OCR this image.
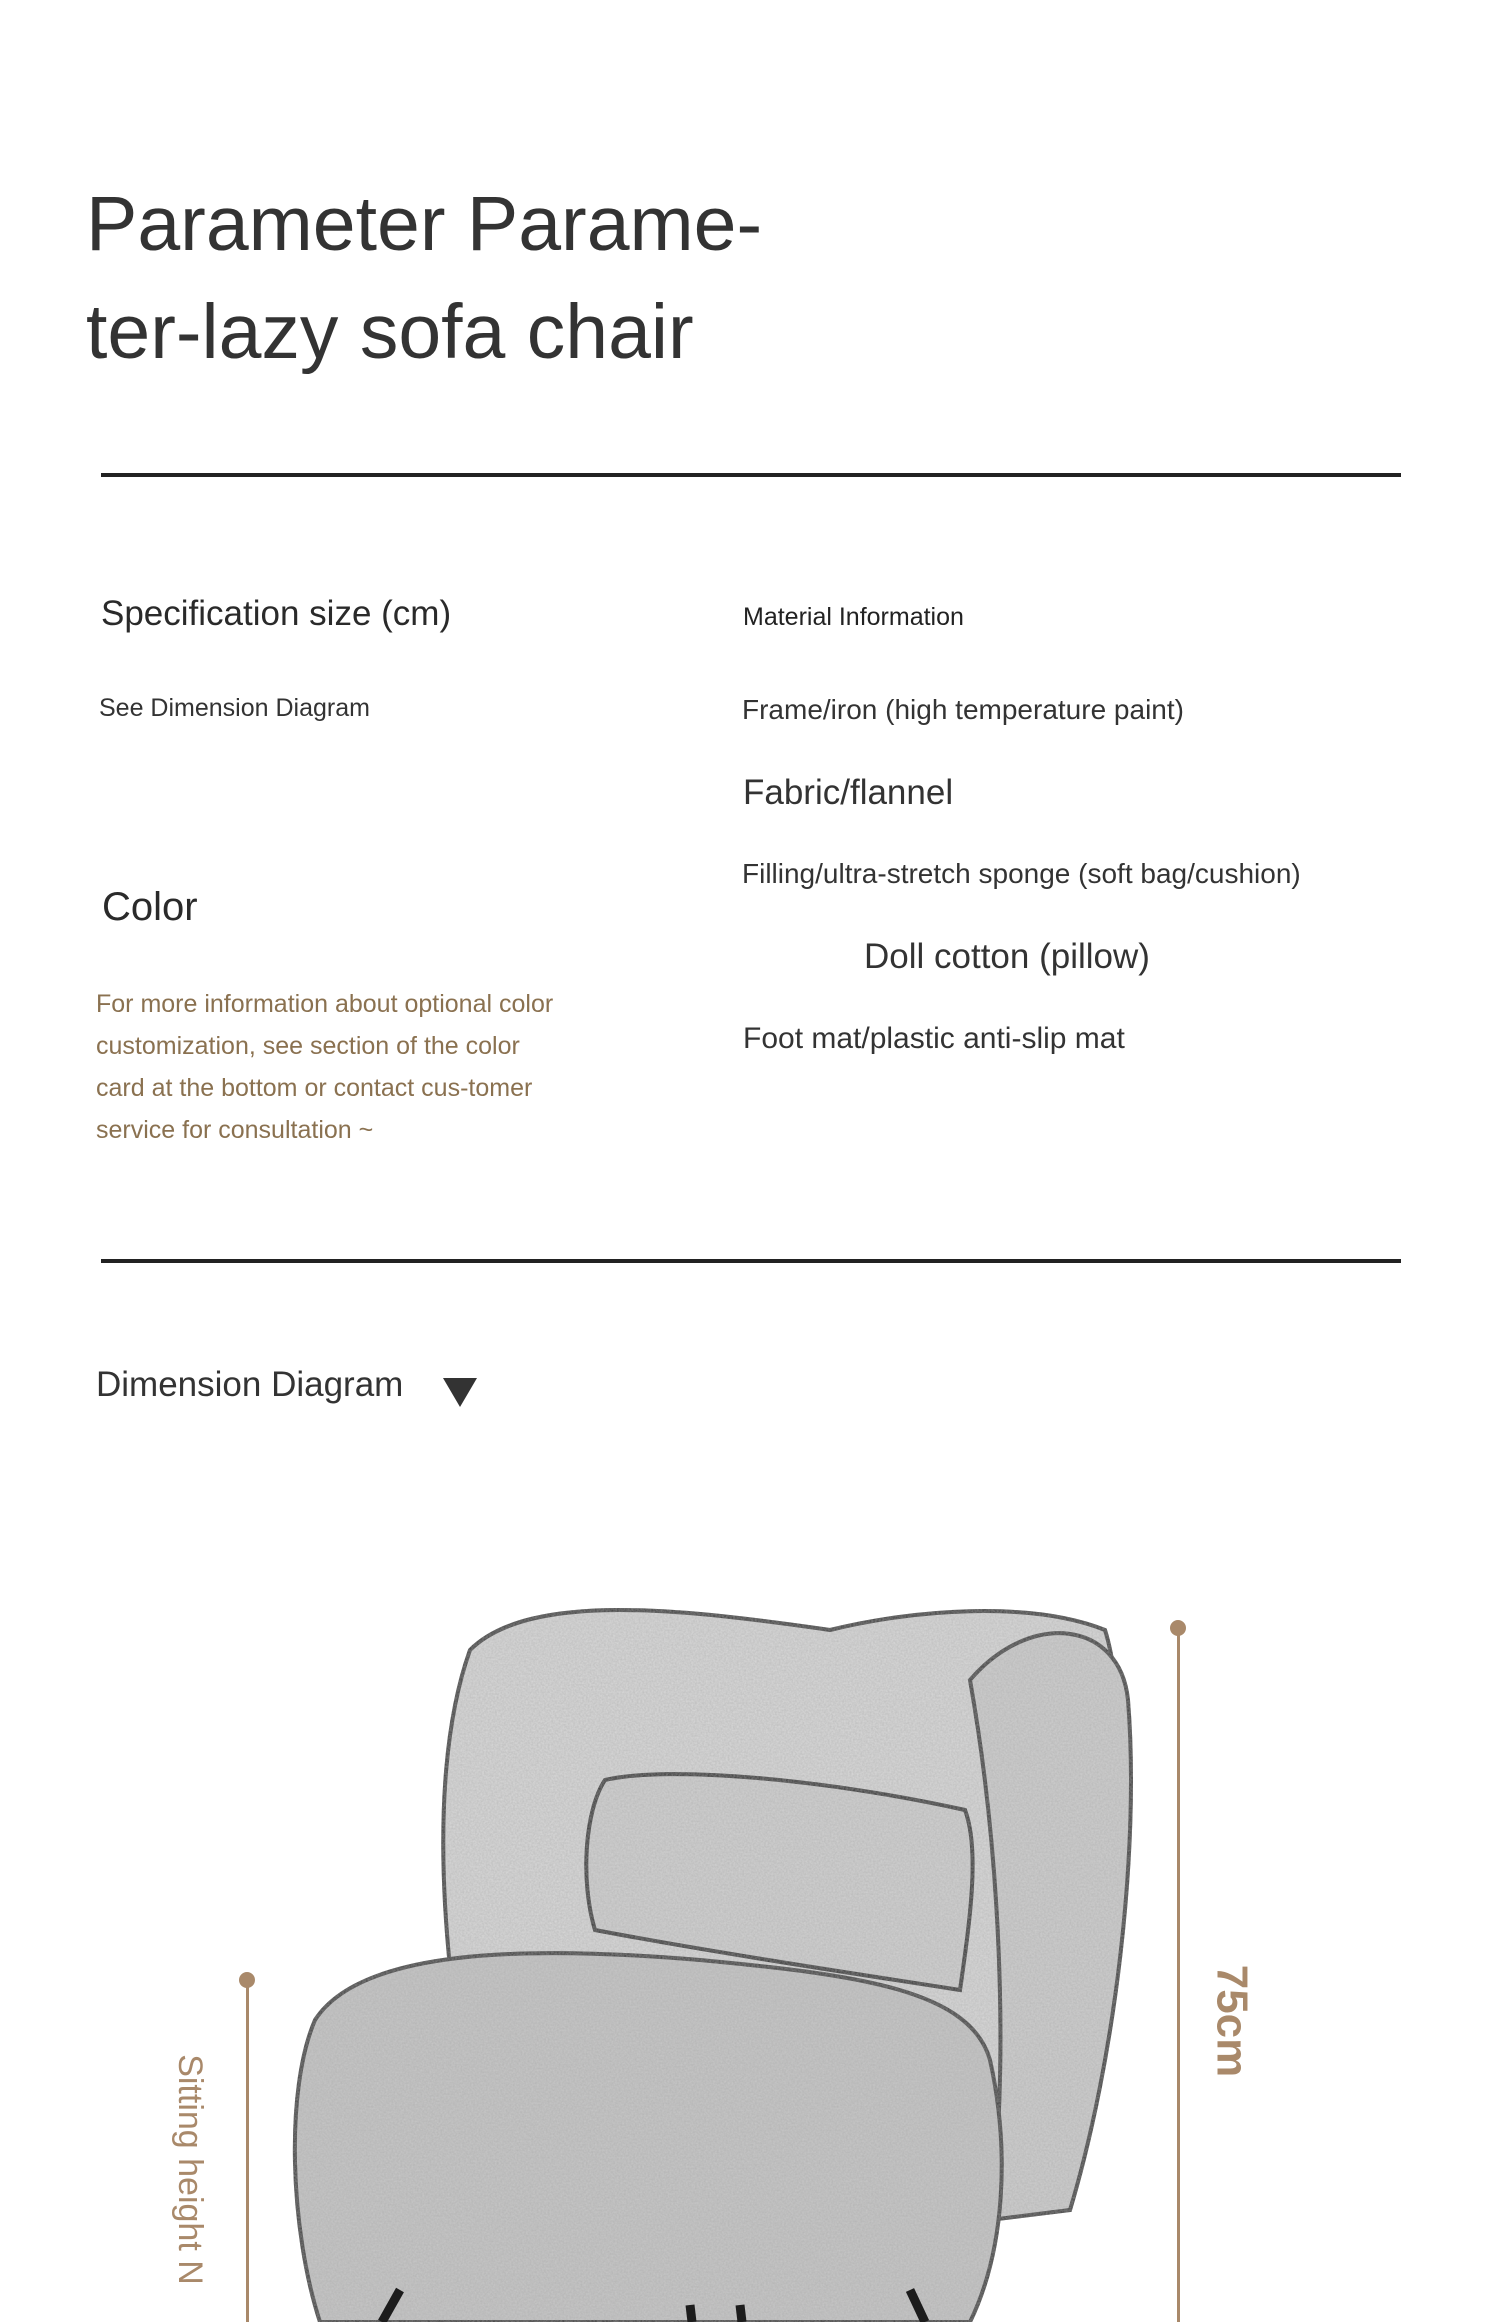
Parameter Parame-
ter-lazy sofa chair
Specification size (cm)
See Dimension Diagram
Color
For more information about optional color customization, see section of the color card at the bottom or contact cus-tomer service for consultation ~
Material Information
Frame/iron (high temperature paint)
Fabric/flannel
Filling/ultra-stretch sponge (soft bag/cushion)
Doll cotton (pillow)
Foot mat/plastic anti-slip mat
Dimension Diagram
75cm
Sitting height N
